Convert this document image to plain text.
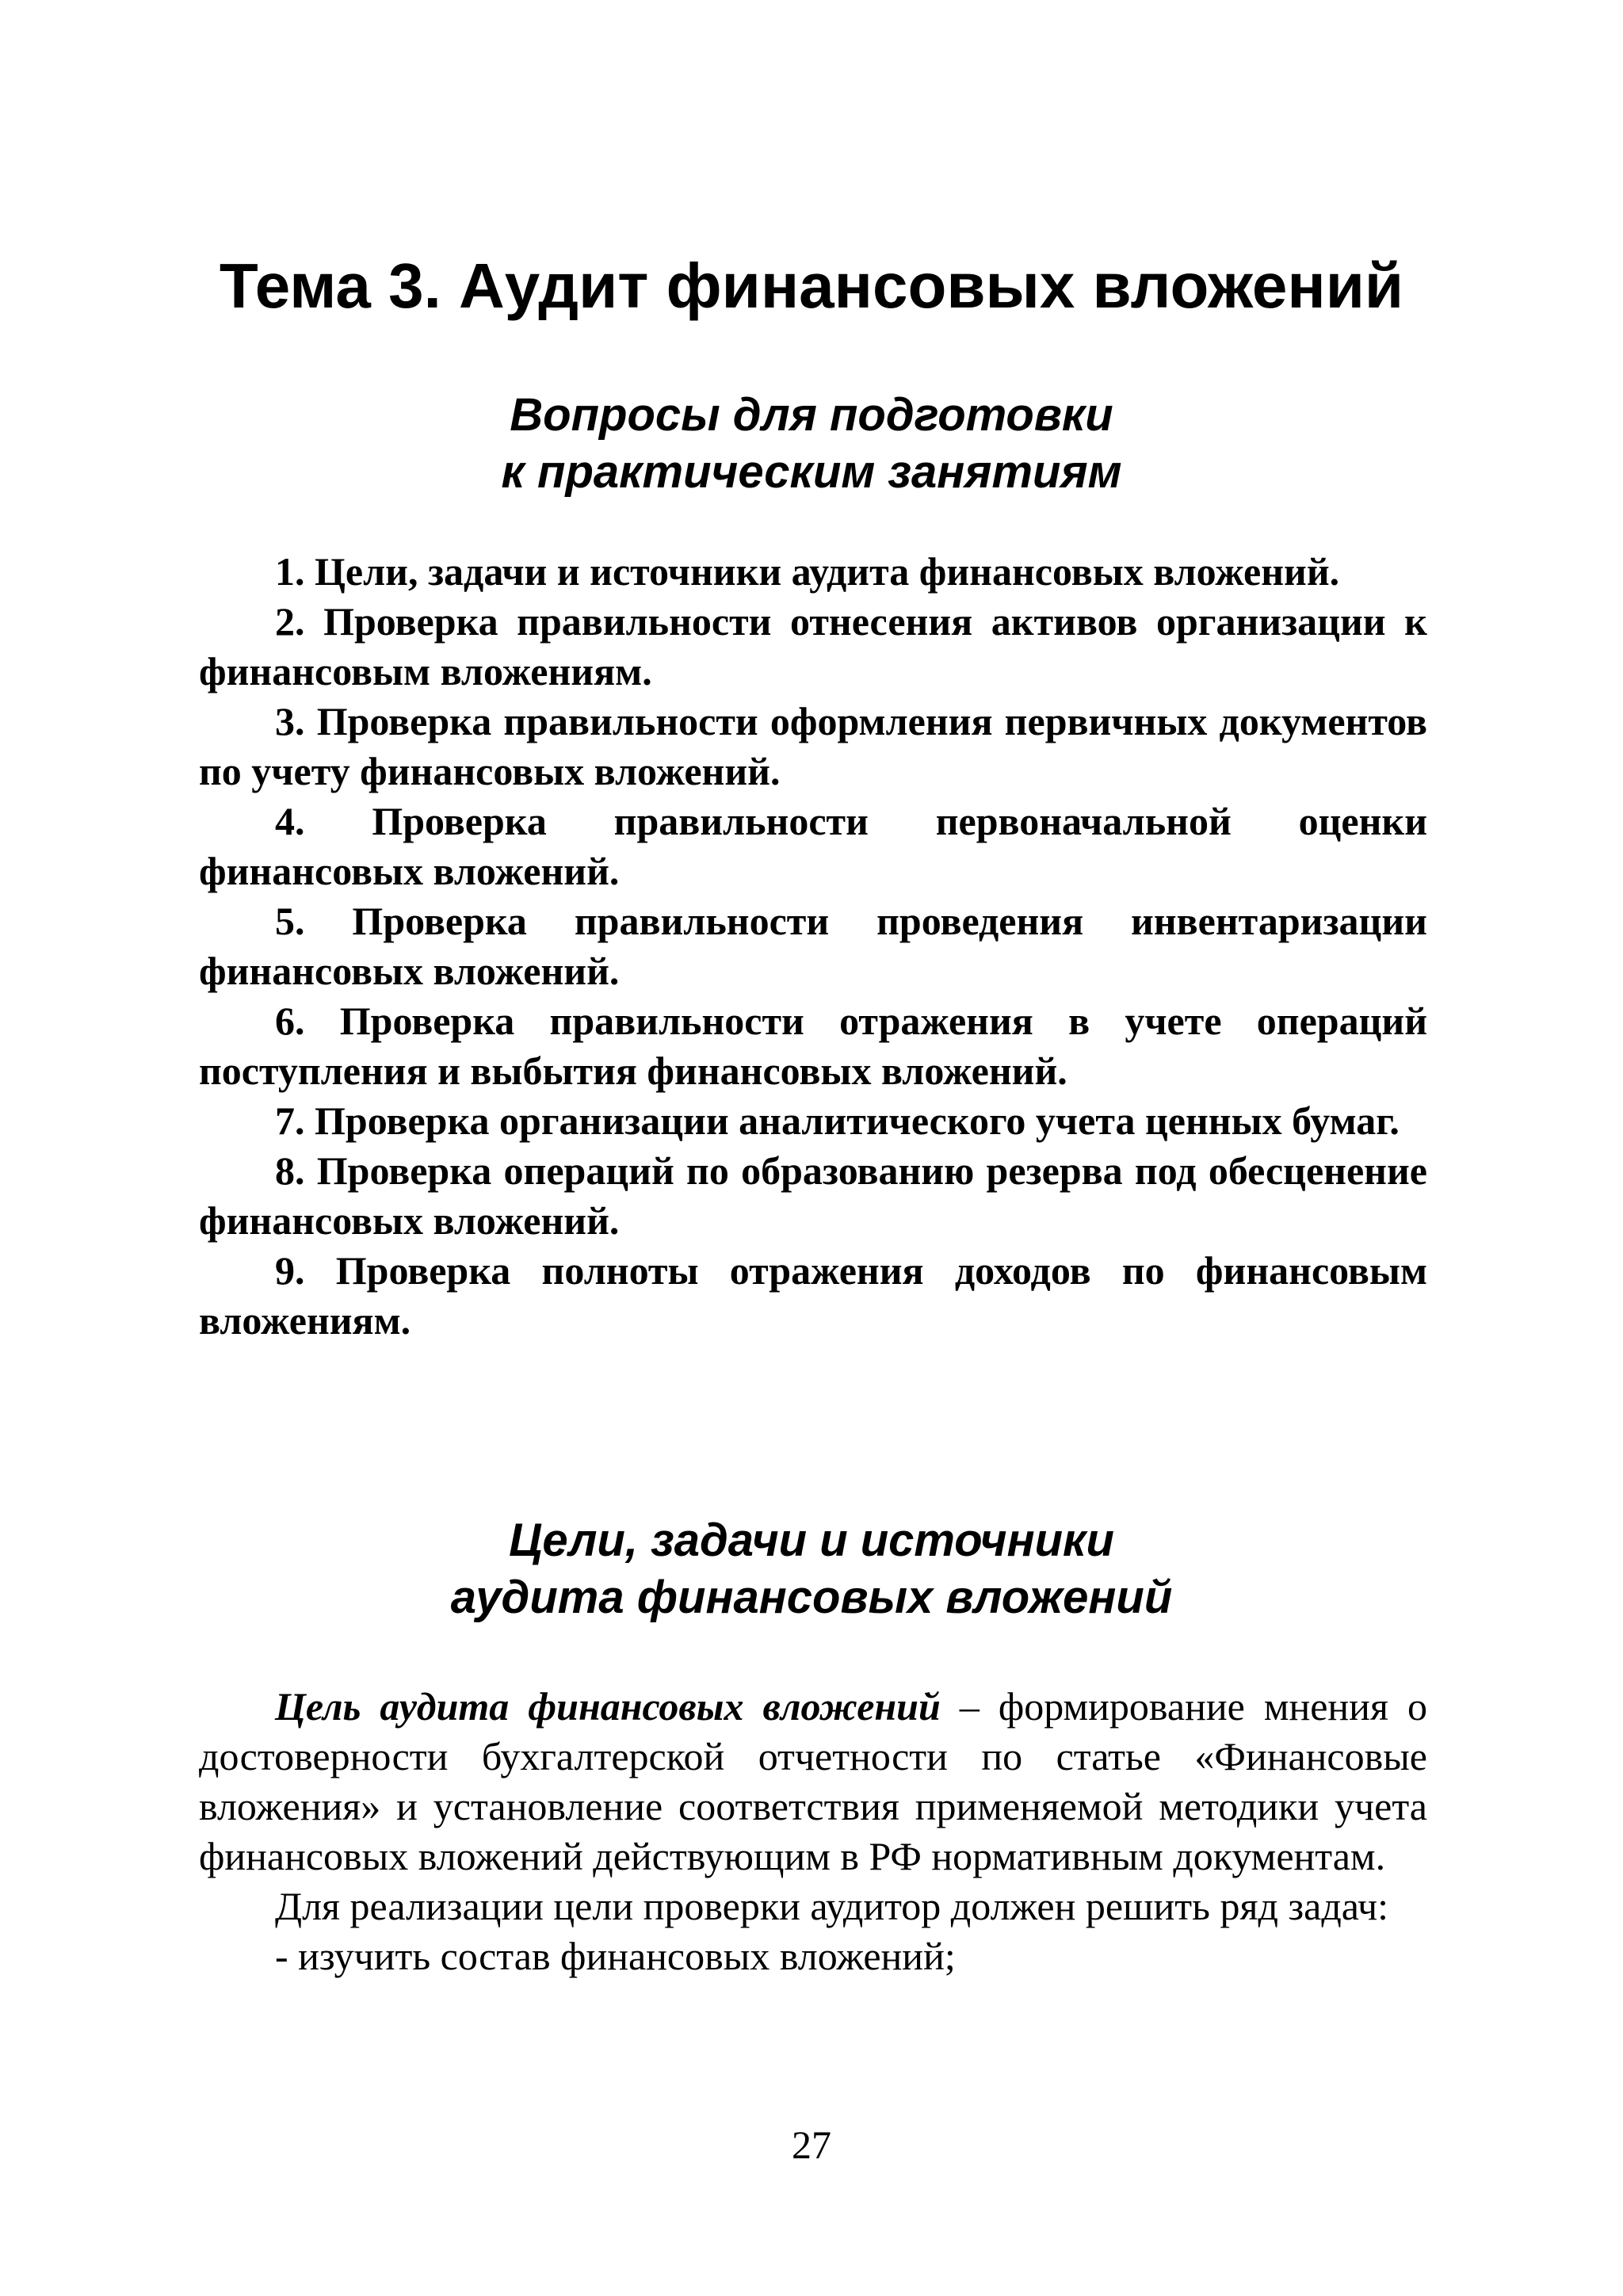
Тема 3. Аудит финансовых вложений
Вопросы для подготовки
к практическим занятиям
1. Цели, задачи и источники аудита финансовых вложений.
2. Проверка правильности отнесения активов организации к финансовым вложениям.
3. Проверка правильности оформления первичных документов по учету финансовых вложений.
4. Проверка правильности первоначальной оценки финансовых вложений.
5. Проверка правильности проведения инвентаризации финансовых вложений.
6. Проверка правильности отражения в учете операций поступления и выбытия финансовых вложений.
7. Проверка организации аналитического учета ценных бумаг.
8. Проверка операций по образованию резерва под обесценение финансовых вложений.
9. Проверка полноты отражения доходов по финансовым вложениям.
Цели, задачи и источники
аудита финансовых вложений

Цель аудита финансовых вложений – формирование мнения о достоверности бухгалтерской отчетности по статье «Финансовые вложения» и установление соответствия применяемой методики учета финансовых вложений действующим в РФ нормативным документам.

Для реализации цели проверки аудитор должен решить ряд задач:

- изучить состав финансовых вложений;

27
